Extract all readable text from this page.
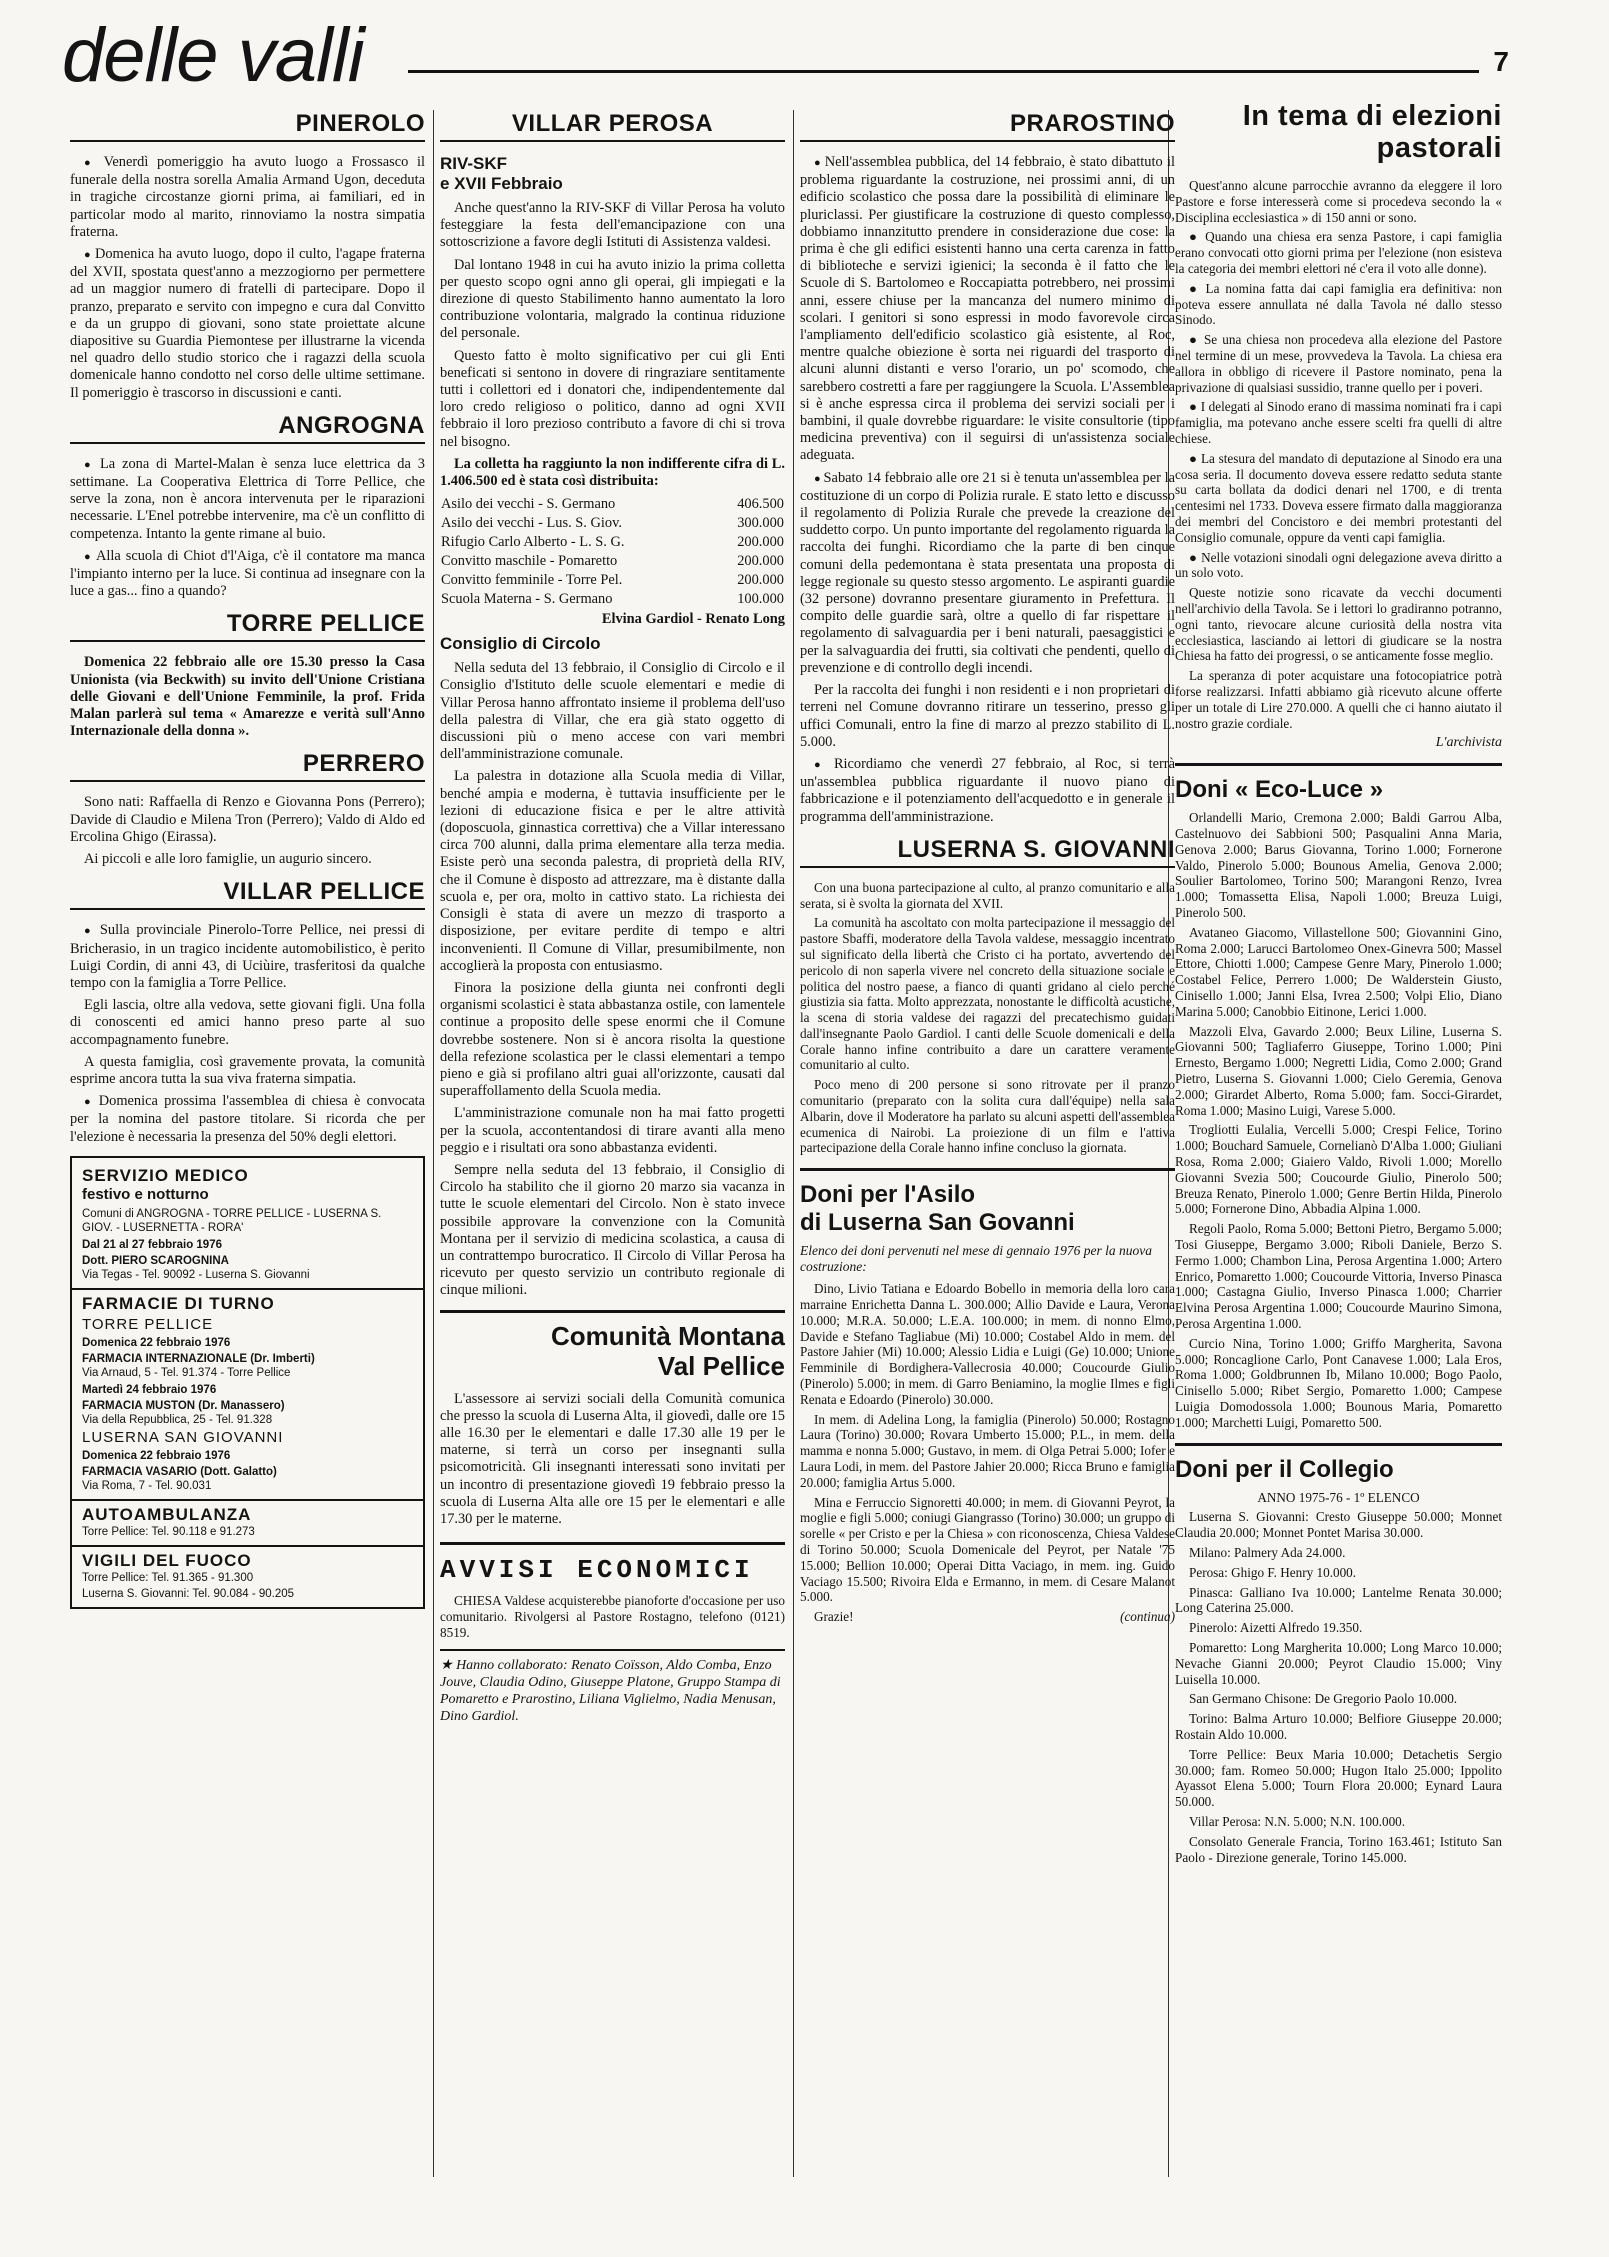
delle valli	7
PINEROLO

● Venerdì pomeriggio ha avuto luogo a Frossasco il funerale della nostra sorella Amalia Armand Ugon, deceduta in tragiche circostanze giorni prima, ai familiari, ed in particolar modo al marito, rinnoviamo la nostra simpatia fraterna.

● Domenica ha avuto luogo, dopo il culto, l'agape fraterna del XVII, spostata quest'anno a mezzogiorno per permettere ad un maggior numero di fratelli di partecipare. Dopo il pranzo, preparato e servito con impegno e cura dal Convitto e da un gruppo di giovani, sono state proiettate alcune diapositive su Guardia Piemontese per illustrarne la vicenda nel quadro dello studio storico che i ragazzi della scuola domenicale hanno condotto nel corso delle ultime settimane. Il pomeriggio è trascorso in discussioni e canti.

ANGROGNA

● La zona di Martel-Malan è senza luce elettrica da 3 settimane. La Cooperativa Elettrica di Torre Pellice, che serve la zona, non è ancora intervenuta per le riparazioni necessarie. L'Enel potrebbe intervenire, ma c'è un conflitto di competenza. Intanto la gente rimane al buio.

● Alla scuola di Chiot d'l'Aiga, c'è il contatore ma manca l'impianto interno per la luce. Si continua ad insegnare con la luce a gas... fino a quando?

TORRE PELLICE

Domenica 22 febbraio alle ore 15.30 presso la Casa Unionista (via Beckwith) su invito dell'Unione Cristiana delle Giovani e dell'Unione Femminile, la prof. Frida Malan parlerà sul tema « Amarezze e verità sull'Anno Internazionale della donna ».

PERRERO

Sono nati: Raffaella di Renzo e Giovanna Pons (Perrero); Davide di Claudio e Milena Tron (Perrero); Valdo di Aldo ed Ercolina Ghigo (Eirassa).

Ai piccoli e alle loro famiglie, un augurio sincero.

VILLAR PELLICE

● Sulla provinciale Pinerolo-Torre Pellice, nei pressi di Bricherasio, in un tragico incidente automobilistico, è perito Luigi Cordin, di anni 43, di Uciùire, trasferitosi da qualche tempo con la famiglia a Torre Pellice.

Egli lascia, oltre alla vedova, sette giovani figli. Una folla di conoscenti ed amici hanno preso parte al suo accompagnamento funebre.

A questa famiglia, così gravemente provata, la comunità esprime ancora tutta la sua viva fraterna simpatia.

● Domenica prossima l'assemblea di chiesa è convocata per la nomina del pastore titolare. Si ricorda che per l'elezione è necessaria la presenza del 50% degli elettori.

SERVIZIO MEDICO
festivo e notturno
Comuni di ANGROGNA - TORRE PELLICE - LUSERNA S. GIOV. - LUSERNETTA - RORA'
Dal 21 al 27 febbraio 1976
Dott. PIERO SCAROGNINA
Via Tegas - Tel. 90092 - Luserna S. Giovanni
FARMACIE DI TURNO
TORRE PELLICE
Domenica 22 febbraio 1976
FARMACIA INTERNAZIONALE (Dr. Imberti)
Via Arnaud, 5 - Tel. 91.374 - Torre Pellice
Martedì 24 febbraio 1976
FARMACIA MUSTON (Dr. Manassero)
Via della Repubblica, 25 - Tel. 91.328
LUSERNA SAN GIOVANNI
Domenica 22 febbraio 1976
FARMACIA VASARIO (Dott. Galatto)
Via Roma, 7 - Tel. 90.031
AUTOAMBULANZA
Torre Pellice: Tel. 90.118 e 91.273
VIGILI DEL FUOCO
Torre Pellice: Tel. 91.365 - 91.300
Luserna S. Giovanni: Tel. 90.084 - 90.205
VILLAR PEROSA
RIV-SKF
e XVII Febbraio

Anche quest'anno la RIV-SKF di Villar Perosa ha voluto festeggiare la festa dell'emancipazione con una sottoscrizione a favore degli Istituti di Assistenza valdesi.

Dal lontano 1948 in cui ha avuto inizio la prima colletta per questo scopo ogni anno gli operai, gli impiegati e la direzione di questo Stabilimento hanno aumentato la loro contribuzione volontaria, malgrado la continua riduzione del personale.

Questo fatto è molto significativo per cui gli Enti beneficati si sentono in dovere di ringraziare sentitamente tutti i collettori ed i donatori che, indipendentemente dal loro credo religioso o politico, danno ad ogni XVII febbraio il loro prezioso contributo a favore di chi si trova nel bisogno.

La colletta ha raggiunto la non indifferente cifra di L. 1.406.500 ed è stata così distribuita:

Asilo dei vecchi - S. Germano	406.500
Asilo dei vecchi - Lus. S. Giov.	300.000
Rifugio Carlo Alberto - L. S. G.	200.000
Convitto maschile - Pomaretto	200.000
Convitto femminile - Torre Pel.	200.000
Scuola Materna - S. Germano	100.000
Elvina Gardiol - Renato Long
Consiglio di Circolo

Nella seduta del 13 febbraio, il Consiglio di Circolo e il Consiglio d'Istituto delle scuole elementari e medie di Villar Perosa hanno affrontato insieme il problema dell'uso della palestra di Villar, che era già stato oggetto di discussioni più o meno accese con vari membri dell'amministrazione comunale.

La palestra in dotazione alla Scuola media di Villar, benché ampia e moderna, è tuttavia insufficiente per le lezioni di educazione fisica e per le altre attività (doposcuola, ginnastica correttiva) che a Villar interessano circa 700 alunni, dalla prima elementare alla terza media. Esiste però una seconda palestra, di proprietà della RIV, che il Comune è disposto ad attrezzare, ma è distante dalla scuola e, per ora, molto in cattivo stato. La richiesta dei Consigli è stata di avere un mezzo di trasporto a disposizione, per evitare perdite di tempo e altri inconvenienti. Il Comune di Villar, presumibilmente, non accoglierà la proposta con entusiasmo.

Finora la posizione della giunta nei confronti degli organismi scolastici è stata abbastanza ostile, con lamentele continue a proposito delle spese enormi che il Comune dovrebbe sostenere. Non si è ancora risolta la questione della refezione scolastica per le classi elementari a tempo pieno e già si profilano altri guai all'orizzonte, causati dal superaffollamento della Scuola media.

L'amministrazione comunale non ha mai fatto progetti per la scuola, accontentandosi di tirare avanti alla meno peggio e i risultati ora sono abbastanza evidenti.

Sempre nella seduta del 13 febbraio, il Consiglio di Circolo ha stabilito che il giorno 20 marzo sia vacanza in tutte le scuole elementari del Circolo. Non è stato invece possibile approvare la convenzione con la Comunità Montana per il servizio di medicina scolastica, a causa di un contrattempo burocratico. Il Circolo di Villar Perosa ha ricevuto per questo servizio un contributo regionale di cinque milioni.

Comunità Montana
Val Pellice

L'assessore ai servizi sociali della Comunità comunica che presso la scuola di Luserna Alta, il giovedì, dalle ore 15 alle 16.30 per le elementari e dalle 17.30 alle 19 per le materne, si terrà un corso per insegnanti sulla psicomotricità. Gli insegnanti interessati sono invitati per un incontro di presentazione giovedì 19 febbraio presso la scuola di Luserna Alta alle ore 15 per le elementari e alle 17.30 per le materne.

AVVISI ECONOMICI

CHIESA Valdese acquisterebbe pianoforte d'occasione per uso comunitario. Rivolgersi al Pastore Rostagno, telefono (0121) 8519.

★ Hanno collaborato: Renato Coïsson, Aldo Comba, Enzo Jouve, Claudia Odino, Giuseppe Platone, Gruppo Stampa di Pomaretto e Prarostino, Liliana Viglielmo, Nadia Menusan, Dino Gardiol.
PRAROSTINO

● Nell'assemblea pubblica, del 14 febbraio, è stato dibattuto il problema riguardante la costruzione, nei prossimi anni, di un edificio scolastico che possa dare la possibilità di eliminare le pluriclassi. Per giustificare la costruzione di questo complesso, dobbiamo innanzitutto prendere in considerazione due cose: la prima è che gli edifici esistenti hanno una certa carenza in fatto di biblioteche e servizi igienici; la seconda è il fatto che le Scuole di S. Bartolomeo e Roccapiatta potrebbero, nei prossimi anni, essere chiuse per la mancanza del numero minimo di scolari. I genitori si sono espressi in modo favorevole circa l'ampliamento dell'edificio scolastico già esistente, al Roc, mentre qualche obiezione è sorta nei riguardi del trasporto di alcuni alunni distanti e verso l'orario, un po' scomodo, che sarebbero costretti a fare per raggiungere la Scuola. L'Assemblea si è anche espressa circa il problema dei servizi sociali per i bambini, il quale dovrebbe riguardare: le visite consultorie (tipo medicina preventiva) con il seguirsi di un'assistenza sociale adeguata.

● Sabato 14 febbraio alle ore 21 si è tenuta un'assemblea per la costituzione di un corpo di Polizia rurale. E stato letto e discusso il regolamento di Polizia Rurale che prevede la creazione del suddetto corpo. Un punto importante del regolamento riguarda la raccolta dei funghi. Ricordiamo che la parte di ben cinque comuni della pedemontana è stata presentata una proposta di legge regionale su questo stesso argomento. Le aspiranti guardie (32 persone) dovranno presentare giuramento in Prefettura. Il compito delle guardie sarà, oltre a quello di far rispettare il regolamento di salvaguardia per i beni naturali, paesaggistici e per la salvaguardia dei frutti, sia coltivati che pendenti, quello di prevenzione e di controllo degli incendi.

Per la raccolta dei funghi i non residenti e i non proprietari di terreni nel Comune dovranno ritirare un tesserino, presso gli uffici Comunali, entro la fine di marzo al prezzo stabilito di L. 5.000.

● Ricordiamo che venerdì 27 febbraio, al Roc, si terrà un'assemblea pubblica riguardante il nuovo piano di fabbricazione e il potenziamento dell'acquedotto e in generale il programma dell'amministrazione.

LUSERNA S. GIOVANNI

Con una buona partecipazione al culto, al pranzo comunitario e alla serata, si è svolta la giornata del XVII.

La comunità ha ascoltato con molta partecipazione il messaggio del pastore Sbaffi, moderatore della Tavola valdese, messaggio incentrato sul significato della libertà che Cristo ci ha portato, avvertendo del pericolo di non saperla vivere nel concreto della situazione sociale e politica del nostro paese, a fianco di quanti gridano al cielo perché giustizia sia fatta. Molto apprezzata, nonostante le difficoltà acustiche, la scena di storia valdese dei ragazzi del precatechismo guidati dall'insegnante Paolo Gardiol. I canti delle Scuole domenicali e della Corale hanno infine contribuito a dare un carattere veramente comunitario al culto.

Poco meno di 200 persone si sono ritrovate per il pranzo comunitario (preparato con la solita cura dall'équipe) nella sala Albarin, dove il Moderatore ha parlato su alcuni aspetti dell'assemblea ecumenica di Nairobi. La proiezione di un film e l'attiva partecipazione della Corale hanno infine concluso la giornata.

Doni per l'Asilo
di Luserna San Govanni

Elenco dei doni pervenuti nel mese di gennaio 1976 per la nuova costruzione:

Dino, Livio Tatiana e Edoardo Bobello in memoria della loro cara marraine Enrichetta Danna L. 300.000; Allio Davide e Laura, Verona 10.000; M.R.A. 50.000; L.E.A. 100.000; in mem. di nonno Elmo, Davide e Stefano Tagliabue (Mi) 10.000; Costabel Aldo in mem. del Pastore Jahier (Mi) 10.000; Alessio Lidia e Luigi (Ge) 10.000; Unione Femminile di Bordighera-Vallecrosia 40.000; Coucourde Giulio (Pinerolo) 5.000; in mem. di Garro Beniamino, la moglie Ilmes e figli Renata e Edoardo (Pinerolo) 30.000.

In mem. di Adelina Long, la famiglia (Pinerolo) 50.000; Rostagno Laura (Torino) 30.000; Rovara Umberto 15.000; P.L., in mem. della mamma e nonna 5.000; Gustavo, in mem. di Olga Petrai 5.000; Iofer e Laura Lodi, in mem. del Pastore Jahier 20.000; Ricca Bruno e famiglia 20.000; famiglia Artus 5.000.

Mina e Ferruccio Signoretti 40.000; in mem. di Giovanni Peyrot, la moglie e figli 5.000; coniugi Giangrasso (Torino) 30.000; un gruppo di sorelle « per Cristo e per la Chiesa » con riconoscenza, Chiesa Valdese di Torino 50.000; Scuola Domenicale del Peyrot, per Natale '75 15.000; Bellion 10.000; Operai Ditta Vaciago, in mem. ing. Guido Vaciago 15.500; Rivoira Elda e Ermanno, in mem. di Cesare Malanot 5.000.

Grazie!	(continua)

In tema di elezioni
pastorali

Quest'anno alcune parrocchie avranno da eleggere il loro Pastore e forse interesserà come si procedeva secondo la « Disciplina ecclesiastica » di 150 anni or sono.

● Quando una chiesa era senza Pastore, i capi famiglia erano convocati otto giorni prima per l'elezione (non esisteva la categoria dei membri elettori né c'era il voto alle donne).

● La nomina fatta dai capi famiglia era definitiva: non poteva essere annullata né dalla Tavola né dallo stesso Sinodo.

● Se una chiesa non procedeva alla elezione del Pastore nel termine di un mese, provvedeva la Tavola. La chiesa era allora in obbligo di ricevere il Pastore nominato, pena la privazione di qualsiasi sussidio, tranne quello per i poveri.

● I delegati al Sinodo erano di massima nominati fra i capi famiglia, ma potevano anche essere scelti fra quelli di altre chiese.

● La stesura del mandato di deputazione al Sinodo era una cosa seria. Il documento doveva essere redatto seduta stante su carta bollata da dodici denari nel 1700, e di trenta centesimi nel 1733. Doveva essere firmato dalla maggioranza dei membri del Concistoro e dei membri protestanti del Consiglio comunale, oppure da venti capi famiglia.

● Nelle votazioni sinodali ogni delegazione aveva diritto a un solo voto.

Queste notizie sono ricavate da vecchi documenti nell'archivio della Tavola. Se i lettori lo gradiranno potranno, ogni tanto, rievocare alcune curiosità della nostra vita ecclesiastica, lasciando ai lettori di giudicare se la nostra Chiesa ha fatto dei progressi, o se anticamente fosse meglio.

La speranza di poter acquistare una fotocopiatrice potrà forse realizzarsi. Infatti abbiamo già ricevuto alcune offerte per un totale di Lire 270.000. A quelli che ci hanno aiutato il nostro grazie cordiale.

L'archivista
Doni « Eco-Luce »

Orlandelli Mario, Cremona 2.000; Baldi Garrou Alba, Castelnuovo dei Sabbioni 500; Pasqualini Anna Maria, Genova 2.000; Barus Giovanna, Torino 1.000; Fornerone Valdo, Pinerolo 5.000; Bounous Amelia, Genova 2.000; Soulier Bartolomeo, Torino 500; Marangoni Renzo, Ivrea 1.000; Tomassetta Elisa, Napoli 1.000; Breuza Luigi, Pinerolo 500.

Avataneo Giacomo, Villastellone 500; Giovannini Gino, Roma 2.000; Larucci Bartolomeo Onex-Ginevra 500; Massel Ettore, Chiotti 1.000; Campese Genre Mary, Pinerolo 1.000; Costabel Felice, Perrero 1.000; De Walderstein Giusto, Cinisello 1.000; Janni Elsa, Ivrea 2.500; Volpi Elio, Diano Marina 5.000; Canobbio Eitinone, Lerici 1.000.

Mazzoli Elva, Gavardo 2.000; Beux Liline, Luserna S. Giovanni 500; Tagliaferro Giuseppe, Torino 1.000; Pini Ernesto, Bergamo 1.000; Negretti Lidia, Como 2.000; Grand Pietro, Luserna S. Giovanni 1.000; Cielo Geremia, Genova 2.000; Girardet Alberto, Roma 5.000; fam. Socci-Girardet, Roma 1.000; Masino Luigi, Varese 5.000.

Trogliotti Eulalia, Vercelli 5.000; Crespi Felice, Torino 1.000; Bouchard Samuele, Cornelianò D'Alba 1.000; Giuliani Rosa, Roma 2.000; Giaiero Valdo, Rivoli 1.000; Morello Giovanni Svezia 500; Coucourde Giulio, Pinerolo 500; Breuza Renato, Pinerolo 1.000; Genre Bertin Hilda, Pinerolo 5.000; Fornerone Dino, Abbadia Alpina 1.000.

Regoli Paolo, Roma 5.000; Bettoni Pietro, Bergamo 5.000; Tosi Giuseppe, Bergamo 3.000; Riboli Daniele, Berzo S. Fermo 1.000; Chambon Lina, Perosa Argentina 1.000; Artero Enrico, Pomaretto 1.000; Coucourde Vittoria, Inverso Pinasca 1.000; Castagna Giulio, Inverso Pinasca 1.000; Charrier Elvina Perosa Argentina 1.000; Coucourde Maurino Simona, Perosa Argentina 1.000.

Curcio Nina, Torino 1.000; Griffo Margherita, Savona 5.000; Roncaglione Carlo, Pont Canavese 1.000; Lala Eros, Roma 1.000; Goldbrunnen Ib, Milano 10.000; Bogo Paolo, Cinisello 5.000; Ribet Sergio, Pomaretto 1.000; Campese Luigia Domodossola 1.000; Bounous Maria, Pomaretto 1.000; Marchetti Luigi, Pomaretto 500.

Doni per il Collegio

ANNO 1975-76 - 1º ELENCO

Luserna S. Giovanni: Cresto Giuseppe 50.000; Monnet Claudia 20.000; Monnet Pontet Marisa 30.000.

Milano: Palmery Ada 24.000.

Perosa: Ghigo F. Henry 10.000.

Pinasca: Galliano Iva 10.000; Lantelme Renata 30.000; Long Caterina 25.000.

Pinerolo: Aizetti Alfredo 19.350.

Pomaretto: Long Margherita 10.000; Long Marco 10.000; Nevache Gianni 20.000; Peyrot Claudio 15.000; Viny Luisella 10.000.

San Germano Chisone: De Gregorio Paolo 10.000.

Torino: Balma Arturo 10.000; Belfiore Giuseppe 20.000; Rostain Aldo 10.000.

Torre Pellice: Beux Maria 10.000; Detachetis Sergio 30.000; fam. Romeo 50.000; Hugon Italo 25.000; Ippolito Ayassot Elena 5.000; Tourn Flora 20.000; Eynard Laura 50.000.

Villar Perosa: N.N. 5.000; N.N. 100.000.

Consolato Generale Francia, Torino 163.461; Istituto San Paolo - Direzione generale, Torino 145.000.
